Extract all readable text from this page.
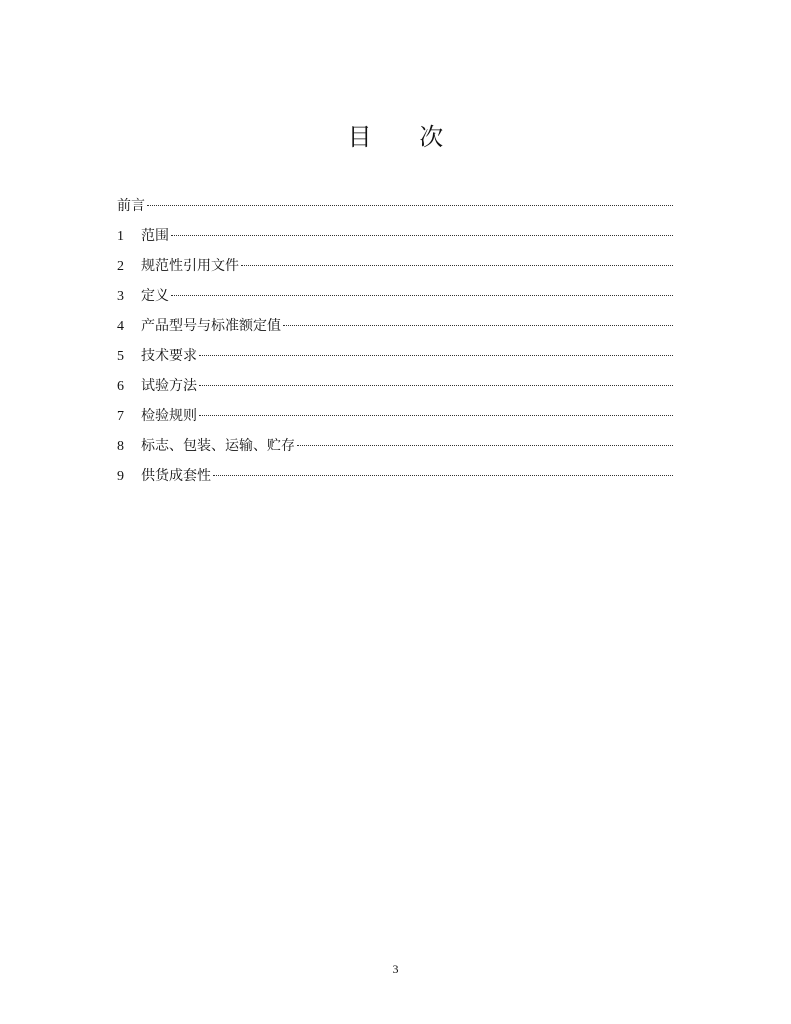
目 次
前言
1	范围
2	规范性引用文件
3	定义
4	产品型号与标准额定值
5	技术要求
6	试验方法
7	检验规则
8	标志、包装、运输、贮存
9	供货成套性
3
